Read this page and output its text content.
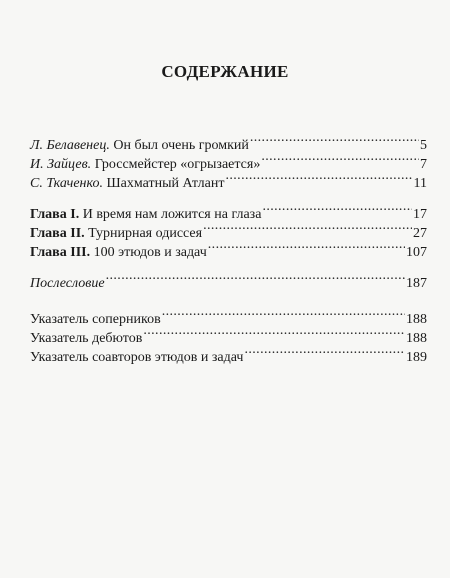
СОДЕРЖАНИЕ
Л. Белавенец. Он был очень громкий .....	5
И. Зайцев. Гроссмейстер «огрызается» .....	7
С. Ткаченко. Шахматный Атлант .....	11
Глава I. И время нам ложится на глаза .....	17
Глава II. Турнирная одиссея .....	27
Глава III. 100 этюдов и задач .....	107
Послесловие .....	187
Указатель соперников .....	188
Указатель дебютов .....	188
Указатель соавторов этюдов и задач .....	189
